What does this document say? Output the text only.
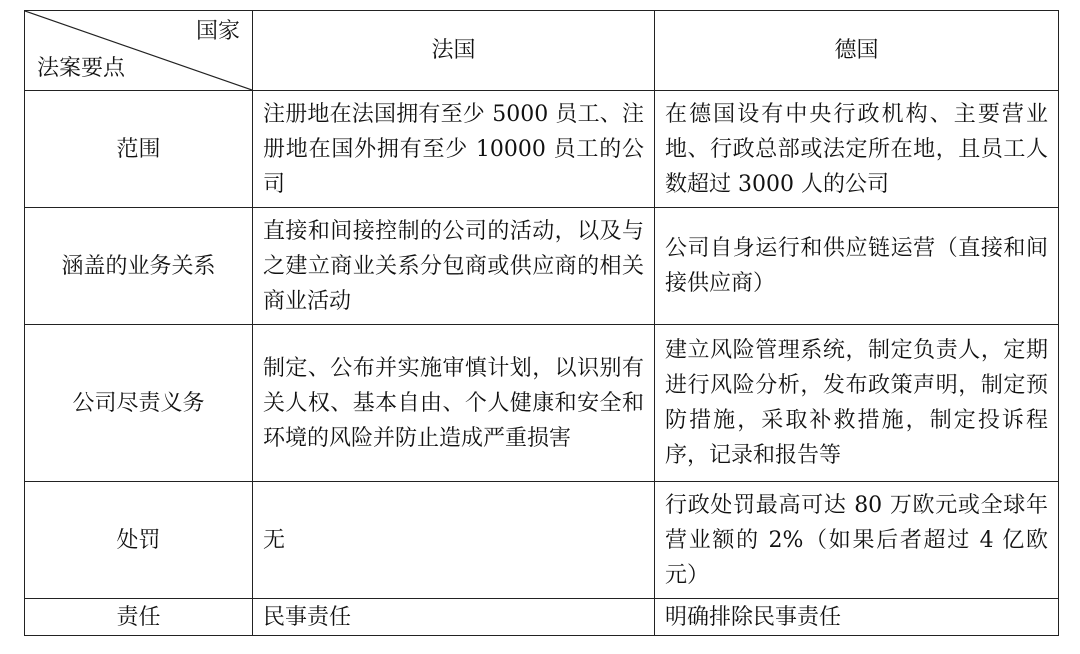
国家
法案要点	法国	德国
范围	注册地在法国拥有至少 5000 员工、注册地在国外拥有至少 10000 员工的公司	在德国设有中央行政机构、主要营业地、行政总部或法定所在地，且员工人数超过 3000 人的公司
涵盖的业务关系	直接和间接控制的公司的活动，以及与之建立商业关系分包商或供应商的相关商业活动	公司自身运行和供应链运营（直接和间接供应商）
公司尽责义务	制定、公布并实施审慎计划，以识别有关人权、基本自由、个人健康和安全和环境的风险并防止造成严重损害	建立风险管理系统，制定负责人，定期进行风险分析，发布政策声明，制定预防措施，采取补救措施，制定投诉程序，记录和报告等
处罚	无	行政处罚最高可达 80 万欧元或全球年营业额的 2%（如果后者超过 4 亿欧元）
责任	民事责任	明确排除民事责任
